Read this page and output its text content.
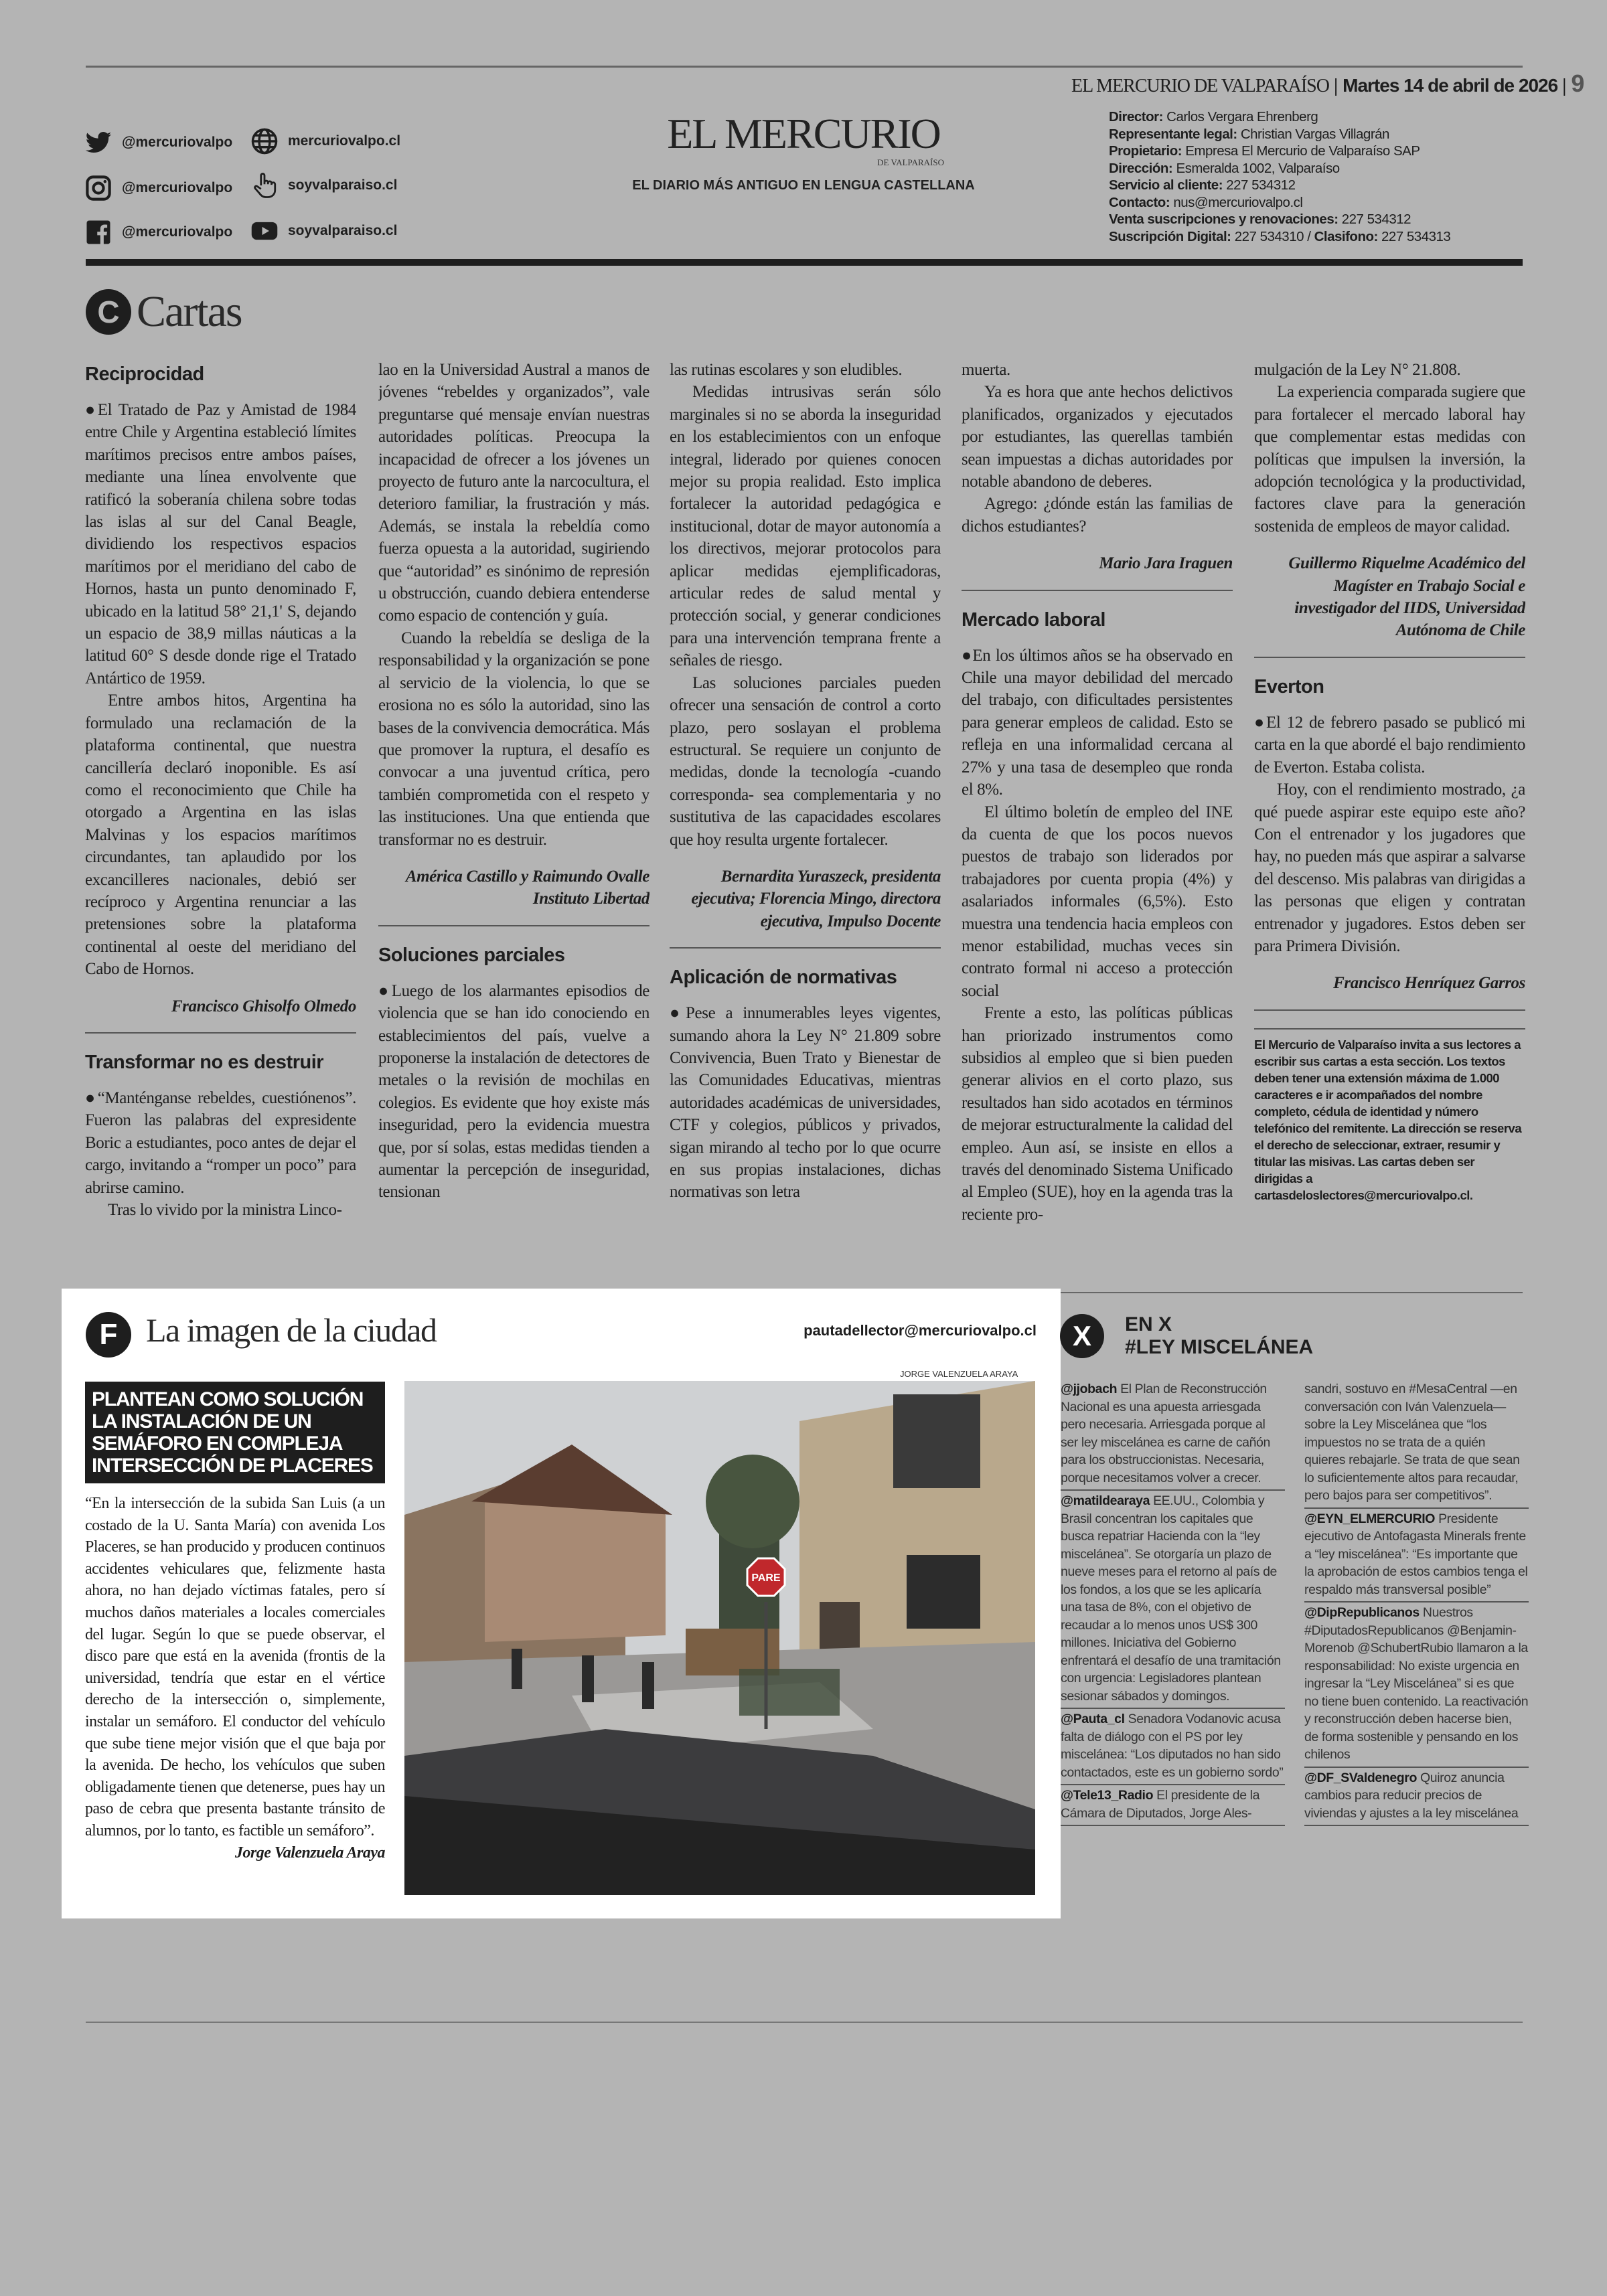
EL MERCURIO DE VALPARAÍSO | Martes 14 de abril de 2026 | 9
@mercuriovalpo	mercuriovalpo.cl
@mercuriovalpo	soyvalparaiso.cl
@mercuriovalpo	soyvalparaiso.cl
EL MERCURIO
DE VALPARAÍSO
EL DIARIO MÁS ANTIGUO EN LENGUA CASTELLANA
Director: Carlos Vergara Ehrenberg
Representante legal: Christian Vargas Villagrán
Propietario: Empresa El Mercurio de Valparaíso SAP
Dirección: Esmeralda 1002, Valparaíso
Servicio al cliente: 227 534312
Contacto: nus@mercuriovalpo.cl
Venta suscripciones y renovaciones: 227 534312
Suscripción Digital: 227 534310 / Clasifono: 227 534313
C Cartas
Reciprocidad

●El Tratado de Paz y Amistad de 1984 entre Chile y Argentina estableció límites marítimos precisos entre ambos países, mediante una línea envolvente que ratificó la soberanía chilena sobre todas las islas al sur del Canal Beagle, dividiendo los respectivos espacios marítimos por el meridiano del cabo de Hornos, hasta un punto denominado F, ubicado en la latitud 58° 21,1' S, dejando un espacio de 38,9 millas náuticas a la latitud 60° S desde donde rige el Tratado Antártico de 1959.

Entre ambos hitos, Argentina ha formulado una reclamación de la plataforma continental, que nuestra cancillería declaró inoponible. Es así como el reconocimiento que Chile ha otorgado a Argentina en las islas Malvinas y los espacios marítimos circundantes, tan aplaudido por los excancilleres nacionales, debió ser recíproco y Argentina renunciar a las pretensiones sobre la plataforma continental al oeste del meridiano del Cabo de Hornos.

Francisco Ghisolfo Olmedo
Transformar no es destruir

●“Manténganse rebeldes, cuestiónenos”. Fueron las palabras del expresidente Boric a estudiantes, poco antes de dejar el cargo, invitando a “romper un poco” para abrirse camino.

Tras lo vivido por la ministra Linco-

lao en la Universidad Austral a manos de jóvenes “rebeldes y organizados”, vale preguntarse qué mensaje envían nuestras autoridades políticas. Preocupa la incapacidad de ofrecer a los jóvenes un proyecto de futuro ante la narcocultura, el deterioro familiar, la frustración y más. Además, se instala la rebeldía como fuerza opuesta a la autoridad, sugiriendo que “autoridad” es sinónimo de represión u obstrucción, cuando debiera entenderse como espacio de contención y guía.

Cuando la rebeldía se desliga de la responsabilidad y la organización se pone al servicio de la violencia, lo que se erosiona no es sólo la autoridad, sino las bases de la convivencia democrática. Más que promover la ruptura, el desafío es convocar a una juventud crítica, pero también comprometida con el respeto y las instituciones. Una que entienda que transformar no es destruir.

América Castillo y Raimundo Ovalle Instituto Libertad
Soluciones parciales

●Luego de los alarmantes episodios de violencia que se han ido conociendo en establecimientos del país, vuelve a proponerse la instalación de detectores de metales o la revisión de mochilas en colegios. Es evidente que hoy existe más inseguridad, pero la evidencia muestra que, por sí solas, estas medidas tienden a aumentar la percepción de inseguridad, tensionan

las rutinas escolares y son eludibles.

Medidas intrusivas serán sólo marginales si no se aborda la inseguridad en los establecimientos con un enfoque integral, liderado por quienes conocen mejor su propia realidad. Esto implica fortalecer la autoridad pedagógica e institucional, dotar de mayor autonomía a los directivos, mejorar protocolos para aplicar medidas ejemplificadoras, articular redes de salud mental y protección social, y generar condiciones para una intervención temprana frente a señales de riesgo.

Las soluciones parciales pueden ofrecer una sensación de control a corto plazo, pero soslayan el problema estructural. Se requiere un conjunto de medidas, donde la tecnología -cuando corresponda- sea complementaria y no sustitutiva de las capacidades escolares que hoy resulta urgente fortalecer.

Bernardita Yuraszeck, presidenta ejecutiva; Florencia Mingo, directora ejecutiva, Impulso Docente
Aplicación de normativas

●Pese a innumerables leyes vigentes, sumando ahora la Ley N° 21.809 sobre Convivencia, Buen Trato y Bienestar de las Comunidades Educativas, mientras autoridades académicas de universidades, CTF y colegios, públicos y privados, sigan mirando al techo por lo que ocurre en sus propias instalaciones, dichas normativas son letra

muerta.

Ya es hora que ante hechos delictivos planificados, organizados y ejecutados por estudiantes, las querellas también sean impuestas a dichas autoridades por notable abandono de deberes.

Agrego: ¿dónde están las familias de dichos estudiantes?

Mario Jara Iraguen
Mercado laboral

●En los últimos años se ha observado en Chile una mayor debilidad del mercado del trabajo, con dificultades persistentes para generar empleos de calidad. Esto se refleja en una informalidad cercana al 27% y una tasa de desempleo que ronda el 8%.

El último boletín de empleo del INE da cuenta de que los pocos nuevos puestos de trabajo son liderados por trabajadores por cuenta propia (4%) y asalariados informales (6,5%). Esto muestra una tendencia hacia empleos con menor estabilidad, muchas veces sin contrato formal ni acceso a protección social

Frente a esto, las políticas públicas han priorizado instrumentos como subsidios al empleo que si bien pueden generar alivios en el corto plazo, sus resultados han sido acotados en términos de mejorar estructuralmente la calidad del empleo. Aun así, se insiste en ellos a través del denominado Sistema Unificado al Empleo (SUE), hoy en la agenda tras la reciente pro-

mulgación de la Ley N° 21.808.

La experiencia comparada sugiere que para fortalecer el mercado laboral hay que complementar estas medidas con políticas que impulsen la inversión, la adopción tecnológica y la productividad, factores clave para la generación sostenida de empleos de mayor calidad.

Guillermo Riquelme Académico del Magíster en Trabajo Social e investigador del IIDS, Universidad Autónoma de Chile
Everton

●El 12 de febrero pasado se publicó mi carta en la que abordé el bajo rendimiento de Everton. Estaba colista.

Hoy, con el rendimiento mostrado, ¿a qué puede aspirar este equipo este año? Con el entrenador y los jugadores que hay, no pueden más que aspirar a salvarse del descenso. Mis palabras van dirigidas a las personas que eligen y contratan entrenador y jugadores. Estos deben ser para Primera División.

Francisco Henríquez Garros
El Mercurio de Valparaíso invita a sus lectores a escribir sus cartas a esta sección. Los textos deben tener una extensión máxima de 1.000 caracteres e ir acompañados del nombre completo, cédula de identidad y número telefónico del remitente. La dirección se reserva el derecho de seleccionar, extraer, resumir y titular las misivas. Las cartas deben ser dirigidas a cartasdeloslectores@mercuriovalpo.cl.
F La imagen de la ciudad	pautadellector@mercuriovalpo.cl
JORGE VALENZUELA ARAYA
PLANTEAN COMO SOLUCIÓN LA INSTALACIÓN DE UN SEMÁFORO EN COMPLEJA INTERSECCIÓN DE PLACERES
“En la intersección de la subida San Luis (a un costado de la U. Santa María) con avenida Los Placeres, se han producido y producen continuos accidentes vehiculares que, felizmente hasta ahora, no han dejado víctimas fatales, pero sí muchos daños materiales a locales comerciales del lugar. Según lo que se puede observar, el disco pare que está en la avenida (frontis de la universidad, tendría que estar en el vértice derecho de la intersección o, simplemente, instalar un semáforo. El conductor del vehículo que sube tiene mejor visión que el que baja por la avenida. De hecho, los vehículos que suben obligadamente tienen que detenerse, pues hay un paso de cebra que presenta bastante tránsito de alumnos, por lo tanto, es factible un semáforo”.
Jorge Valenzuela Araya
PARE
X	EN X
#LEY MISCELÁNEA
@jjobach El Plan de Reconstrucción Nacional es una apuesta arriesgada pero necesaria. Arriesgada porque al ser ley miscelánea es carne de cañón para los obstruccionistas. Necesaria, porque necesitamos volver a crecer.
@matildearaya EE.UU., Colombia y Brasil concentran los capitales que busca repatriar Hacienda con la “ley miscelánea”. Se otorgaría un plazo de nueve meses para el retorno al país de los fondos, a los que se les aplicaría una tasa de 8%, con el objetivo de recaudar a lo menos unos US$ 300 millones. Iniciativa del Gobierno enfrentará el desafío de una tramitación con urgencia: Legisladores plantean sesionar sábados y domingos.
@Pauta_cl Senadora Vodanovic acusa falta de diálogo con el PS por ley miscelánea: “Los diputados no han sido contactados, este es un gobierno sordo”
@Tele13_Radio El presidente de la Cámara de Diputados, Jorge Ales-
sandri, sostuvo en #MesaCentral —en conversación con Iván Valenzuela— sobre la Ley Miscelánea que “los impuestos no se trata de a quién quieres rebajarle. Se trata de que sean lo suficientemente altos para recaudar, pero bajos para ser competitivos”.
@EYN_ELMERCURIO Presidente ejecutivo de Antofagasta Minerals frente a “ley miscelánea”: “Es importante que la aprobación de estos cambios tenga el respaldo más transversal posible”
@DipRepublicanos Nuestros #DiputadosRepublicanos @Benjamin-Morenob @SchubertRubio llamaron a la responsabilidad: No existe urgencia en ingresar la “Ley Miscelánea” si es que no tiene buen contenido. La reactivación y reconstrucción deben hacerse bien, de forma sostenible y pensando en los chilenos
@DF_SValdenegro Quiroz anuncia cambios para reducir precios de viviendas y ajustes a la ley miscelánea
